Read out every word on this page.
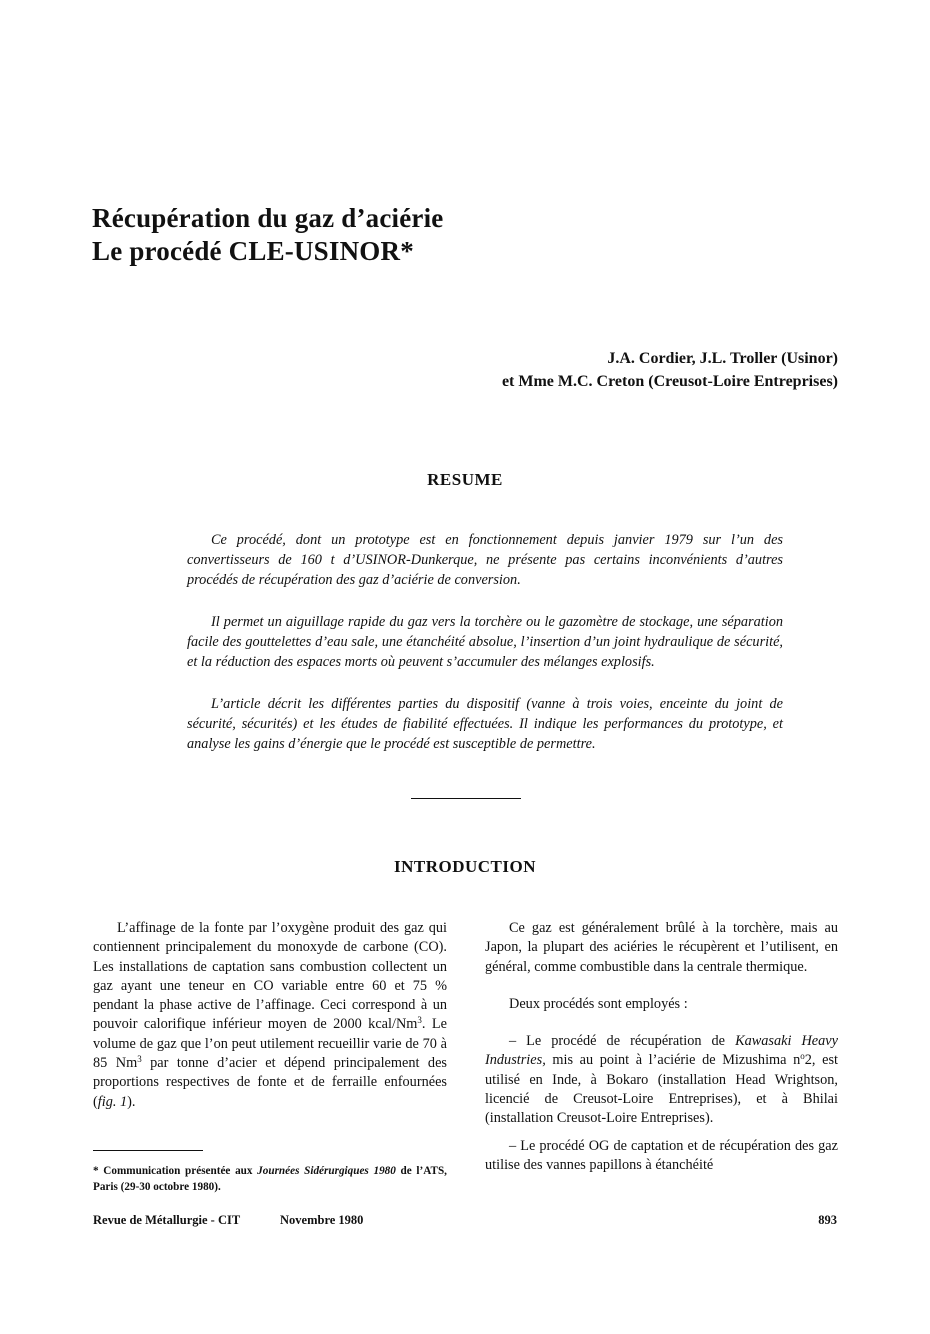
Récupération du gaz d’aciérie
Le procédé CLE-USINOR*
J.A. Cordier, J.L. Troller (Usinor)
et Mme M.C. Creton (Creusot-Loire Entreprises)
RESUME

Ce procédé, dont un prototype est en fonctionnement depuis janvier 1979 sur l’un des convertisseurs de 160 t d’USINOR-Dunkerque, ne présente pas certains inconvénients d’autres procédés de récupération des gaz d’aciérie de conversion.

Il permet un aiguillage rapide du gaz vers la torchère ou le gazomètre de stockage, une séparation facile des gouttelettes d’eau sale, une étanchéité absolue, l’insertion d’un joint hydraulique de sécurité, et la réduction des espaces morts où peuvent s’accumuler des mélanges explosifs.

L’article décrit les différentes parties du dispositif (vanne à trois voies, enceinte du joint de sécurité, sécurités) et les études de fiabilité effectuées. Il indique les performances du prototype, et analyse les gains d’énergie que le procédé est susceptible de permettre.

INTRODUCTION

L’affinage de la fonte par l’oxygène produit des gaz qui contiennent principalement du monoxyde de carbone (CO). Les installations de captation sans combustion collectent un gaz ayant une teneur en CO variable entre 60 et 75 % pendant la phase active de l’affinage. Ceci correspond à un pouvoir calorifique inférieur moyen de 2000 kcal/Nm$^3$. Le volume de gaz que l’on peut utilement recueillir varie de 70 à 85 Nm$^3$ par tonne d’acier et dépend principalement des proportions respectives de fonte et de ferraille enfournées (fig. 1).

Ce gaz est généralement brûlé à la torchère, mais au Japon, la plupart des aciéries le récupèrent et l’utilisent, en général, comme combustible dans la centrale thermique.

Deux procédés sont employés :

– Le procédé de récupération de Kawasaki Heavy Industries, mis au point à l’aciérie de Mizushima $n^o2$, est utilisé en Inde, à Bokaro (installation Head Wrightson, licencié de Creusot-Loire Entreprises), et à Bhilai (installation Creusot-Loire Entreprises).

– Le procédé OG de captation et de récupération des gaz utilise des vannes papillons à étanchéité

* Communication présentée aux Journées Sidérurgiques 1980 de l’ATS, Paris (29-30 octobre 1980).
Revue de Métallurgie - CIT	Novembre 1980	893
